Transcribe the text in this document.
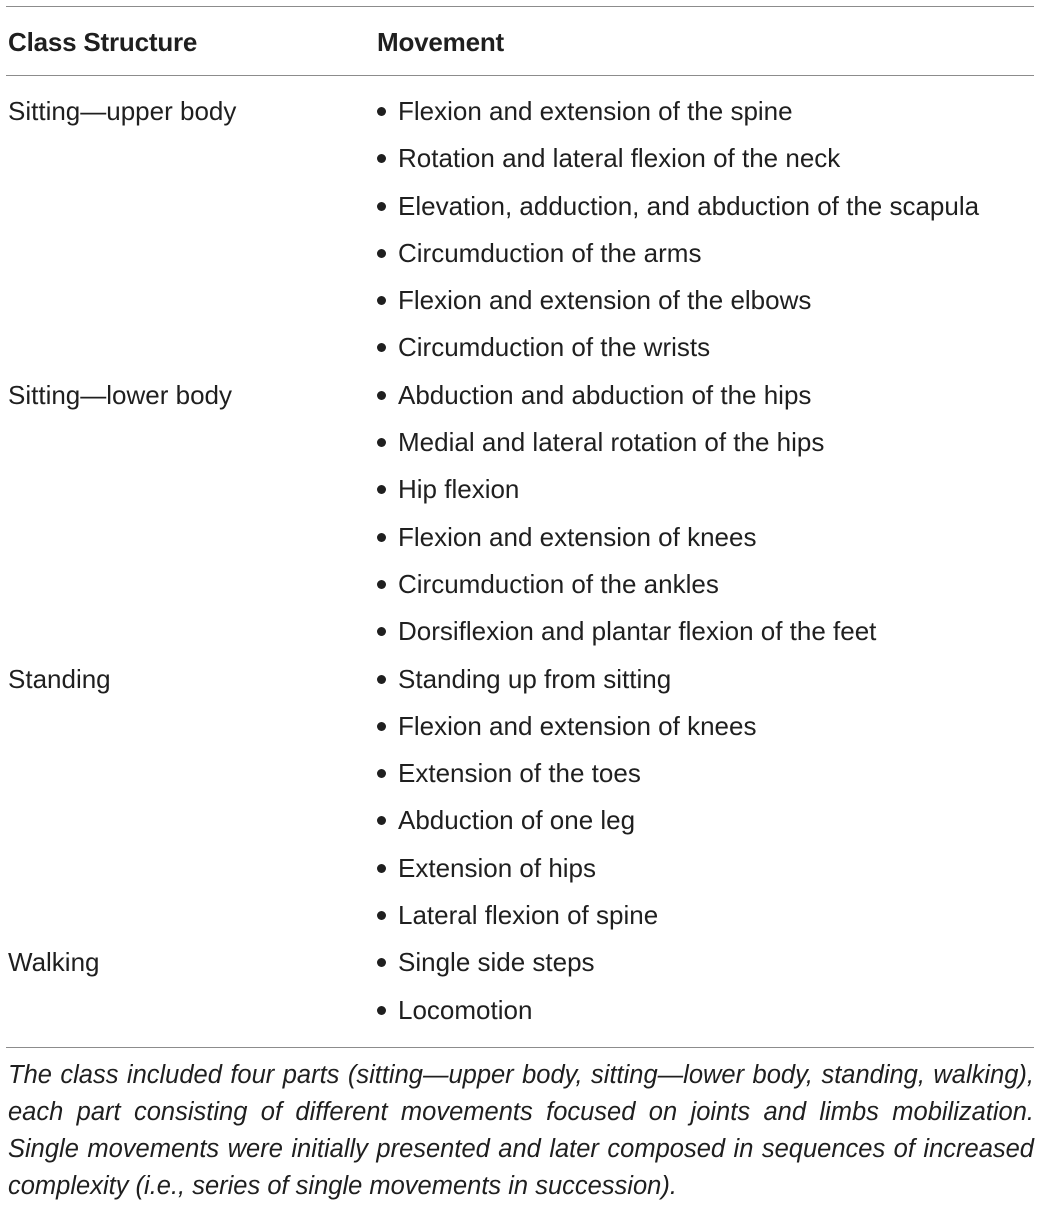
Class Structure	Movement
Sitting—upper body	Flexion and extension of the spine
Rotation and lateral flexion of the neck
Elevation, adduction, and abduction of the scapula
Circumduction of the arms
Flexion and extension of the elbows
Circumduction of the wrists
Sitting—lower body	Abduction and abduction of the hips
Medial and lateral rotation of the hips
Hip flexion
Flexion and extension of knees
Circumduction of the ankles
Dorsiflexion and plantar flexion of the feet
Standing	Standing up from sitting
Flexion and extension of knees
Extension of the toes
Abduction of one leg
Extension of hips
Lateral flexion of spine
Walking	Single side steps
Locomotion
The class included four parts (sitting—upper body, sitting—lower body, standing, walking), each part consisting of different movements focused on joints and limbs mobilization. Single movements were initially presented and later composed in sequences of increased complexity (i.e., series of single movements in succession).
